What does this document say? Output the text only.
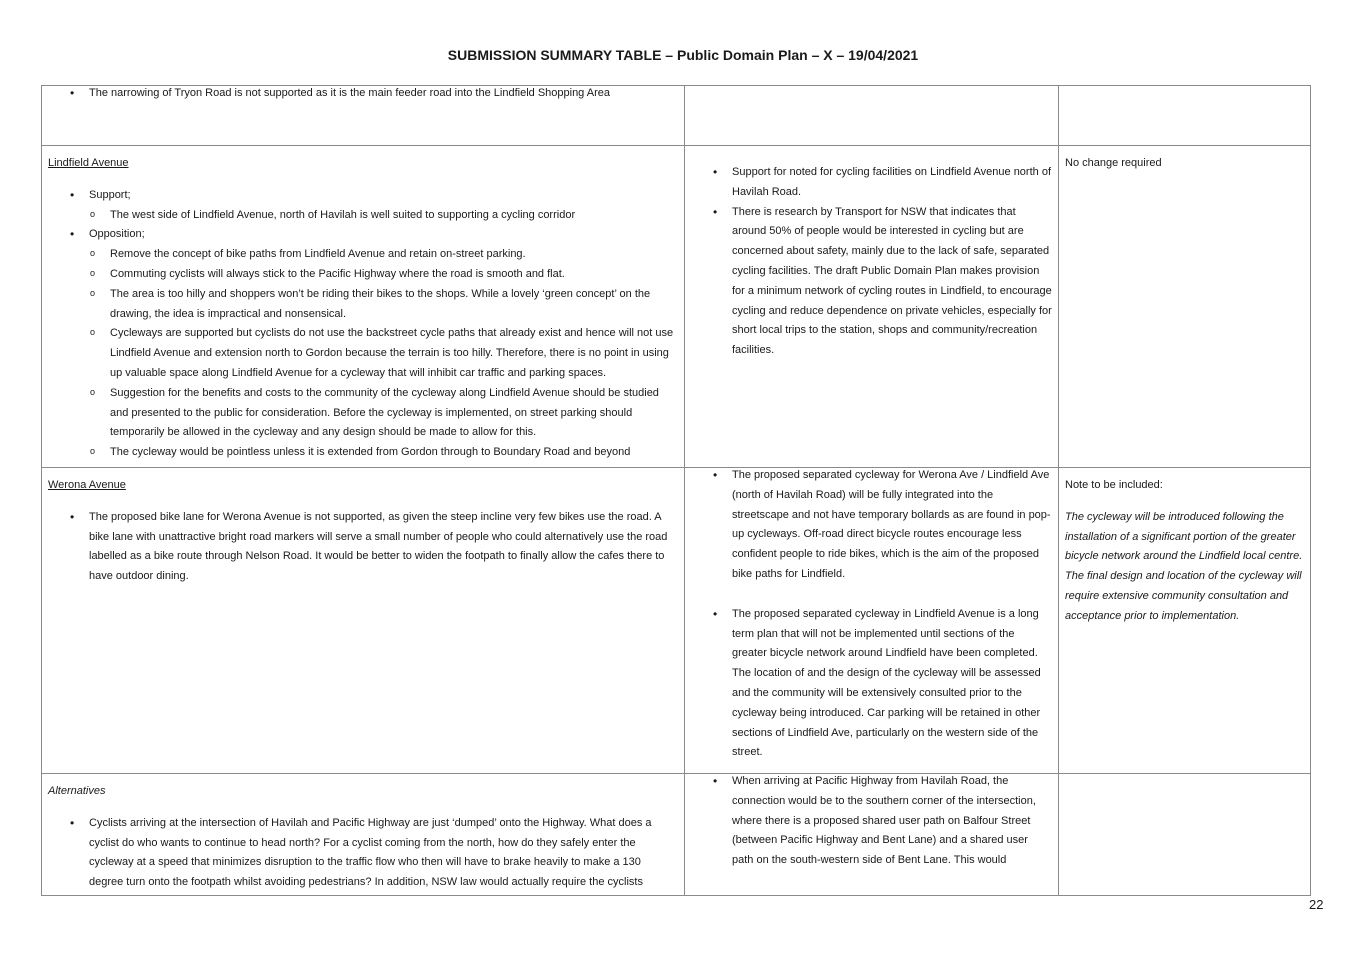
SUBMISSION SUMMARY TABLE – Public Domain Plan – X – 19/04/2021
• The narrowing of Tryon Road is not supported as it is the main feeder road into the Lindfield Shopping Area
Lindfield Avenue
• Support;
o The west side of Lindfield Avenue, north of Havilah is well suited to supporting a cycling corridor
• Opposition;
o Remove the concept of bike paths from Lindfield Avenue and retain on-street parking.
o Commuting cyclists will always stick to the Pacific Highway where the road is smooth and flat.
o The area is too hilly and shoppers won’t be riding their bikes to the shops. While a lovely ‘green concept’ on the drawing, the idea is impractical and nonsensical.
o Cycleways are supported but cyclists do not use the backstreet cycle paths that already exist and hence will not use Lindfield Avenue and extension north to Gordon because the terrain is too hilly. Therefore, there is no point in using up valuable space along Lindfield Avenue for a cycleway that will inhibit car traffic and parking spaces.
o Suggestion for the benefits and costs to the community of the cycleway along Lindfield Avenue should be studied and presented to the public for consideration. Before the cycleway is implemented, on street parking should temporarily be allowed in the cycleway and any design should be made to allow for this.
o The cycleway would be pointless unless it is extended from Gordon through to Boundary Road and beyond
• Support for noted for cycling facilities on Lindfield Avenue north of Havilah Road.
• There is research by Transport for NSW that indicates that around 50% of people would be interested in cycling but are concerned about safety, mainly due to the lack of safe, separated cycling facilities. The draft Public Domain Plan makes provision for a minimum network of cycling routes in Lindfield, to encourage cycling and reduce dependence on private vehicles, especially for short local trips to the station, shops and community/recreation facilities.
No change required
Werona Avenue
• The proposed bike lane for Werona Avenue is not supported, as given the steep incline very few bikes use the road. A bike lane with unattractive bright road markers will serve a small number of people who could alternatively use the road labelled as a bike route through Nelson Road. It would be better to widen the footpath to finally allow the cafes there to have outdoor dining.
• The proposed separated cycleway for Werona Ave / Lindfield Ave (north of Havilah Road) will be fully integrated into the streetscape and not have temporary bollards as are found in pop-up cycleways. Off-road direct bicycle routes encourage less confident people to ride bikes, which is the aim of the proposed bike paths for Lindfield.
• The proposed separated cycleway in Lindfield Avenue is a long term plan that will not be implemented until sections of the greater bicycle network around Lindfield have been completed. The location of and the design of the cycleway will be assessed and the community will be extensively consulted prior to the cycleway being introduced. Car parking will be retained in other sections of Lindfield Ave, particularly on the western side of the street.
Note to be included:
The cycleway will be introduced following the installation of a significant portion of the greater bicycle network around the Lindfield local centre. The final design and location of the cycleway will require extensive community consultation and acceptance prior to implementation.
Alternatives
• Cyclists arriving at the intersection of Havilah and Pacific Highway are just ‘dumped’ onto the Highway. What does a cyclist do who wants to continue to head north? For a cyclist coming from the north, how do they safely enter the cycleway at a speed that minimizes disruption to the traffic flow who then will have to brake heavily to make a 130 degree turn onto the footpath whilst avoiding pedestrians? In addition, NSW law would actually require the cyclists
• When arriving at Pacific Highway from Havilah Road, the connection would be to the southern corner of the intersection, where there is a proposed shared user path on Balfour Street (between Pacific Highway and Bent Lane) and a shared user path on the south-western side of Bent Lane. This would
22
